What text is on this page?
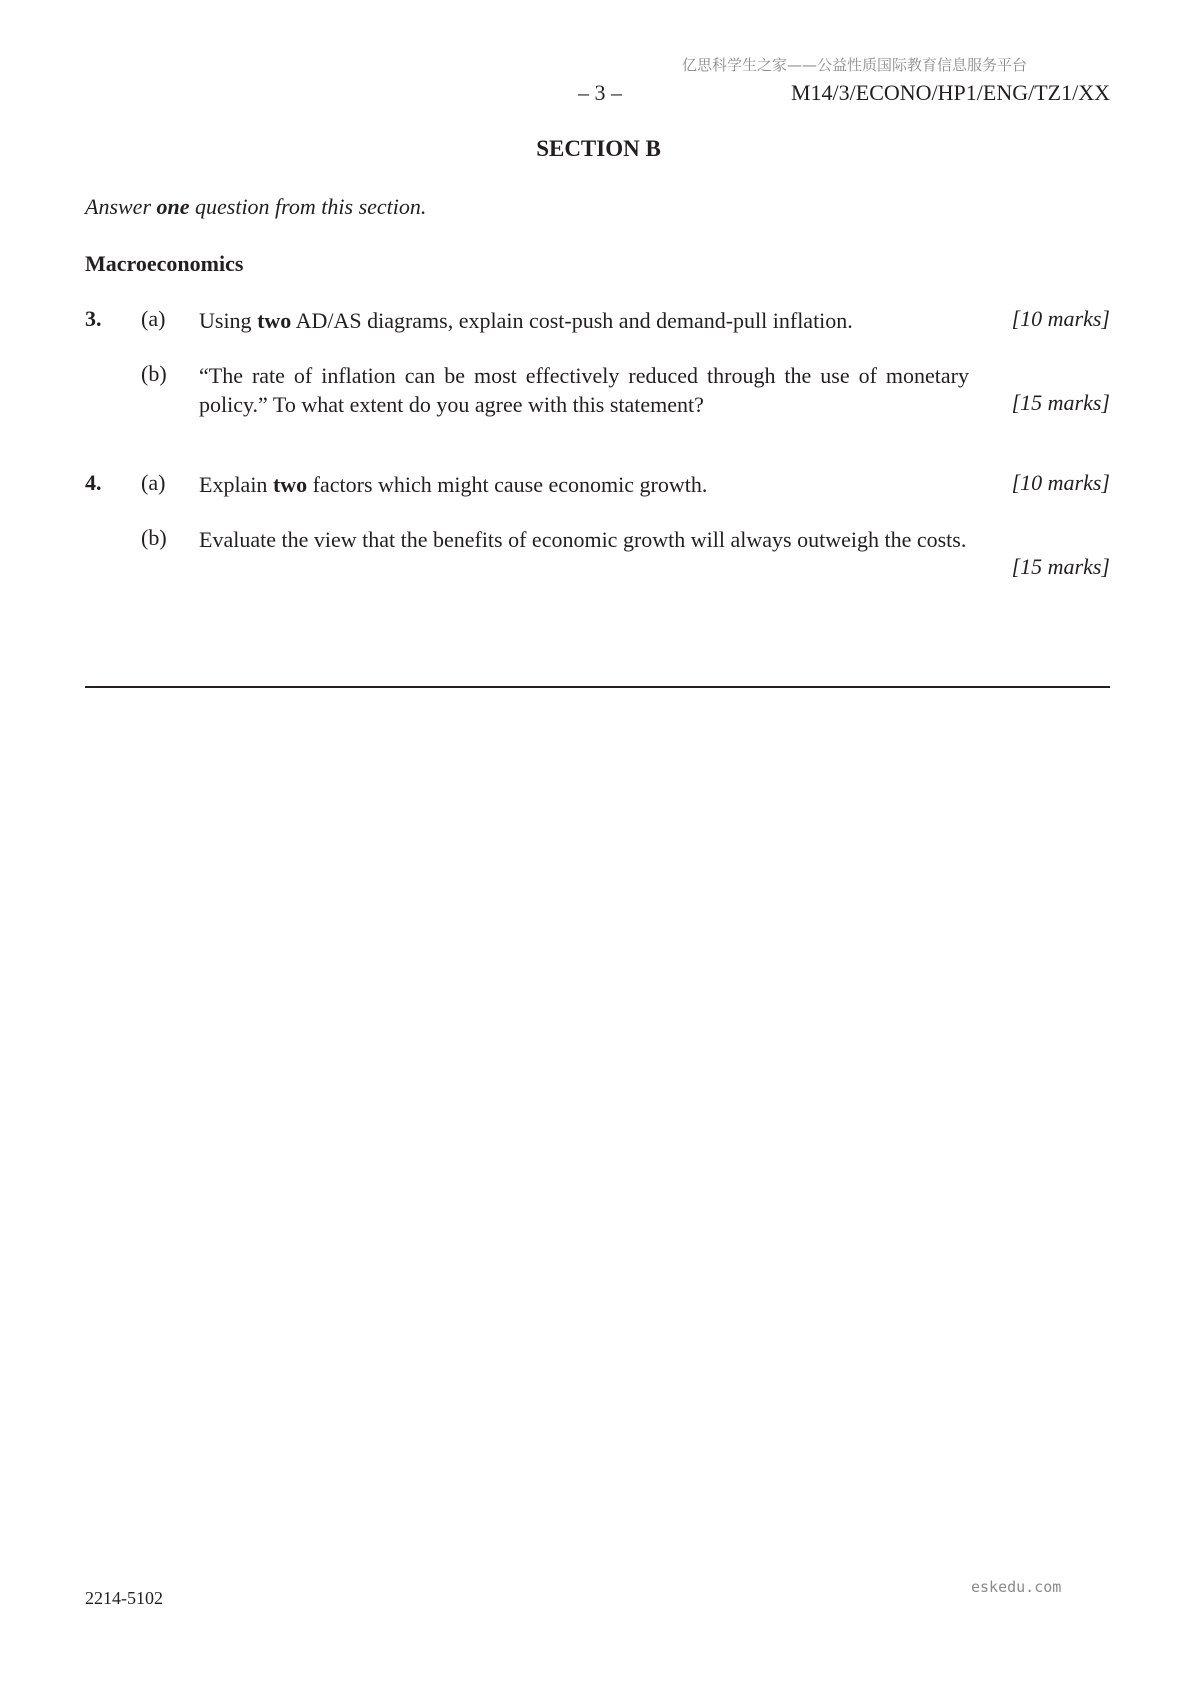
亿思科学生之家——公益性质国际教育信息服务平台
– 3 –	M14/3/ECONO/HP1/ENG/TZ1/XX
SECTION B
Answer one question from this section.
Macroeconomics
3. (a) Using two AD/AS diagrams, explain cost-push and demand-pull inflation.	[10 marks]
(b) “The rate of inflation can be most effectively reduced through the use of monetary policy.” To what extent do you agree with this statement?	[15 marks]
4. (a) Explain two factors which might cause economic growth.	[10 marks]
(b) Evaluate the view that the benefits of economic growth will always outweigh the costs.
[15 marks]
2214-5102
eskedu.com
